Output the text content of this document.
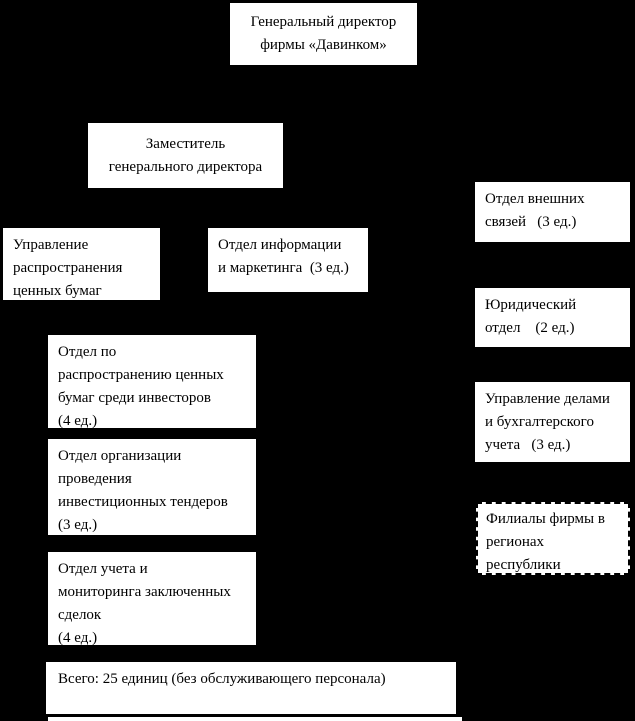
Генеральный директор
фирмы «Давинком»
Заместитель
генерального директора
Отдел внешних
связей   (3 ед.)
Управление
распространения
ценных бумаг
Отдел информации
и маркетинга  (3 ед.)
Юридический
отдел    (2 ед.)
Отдел по
распространению ценных
бумаг среди инвесторов
(4 ед.)
Управление делами
и бухгалтерского
учета   (3 ед.)
Отдел организации
проведения
инвестиционных тендеров
(3 ед.)	Филиалы фирмы в
регионах
республики
Отдел учета и
мониторинга заключенных
сделок
(4 ед.)
Всего: 25 единиц (без обслуживающего персонала)
